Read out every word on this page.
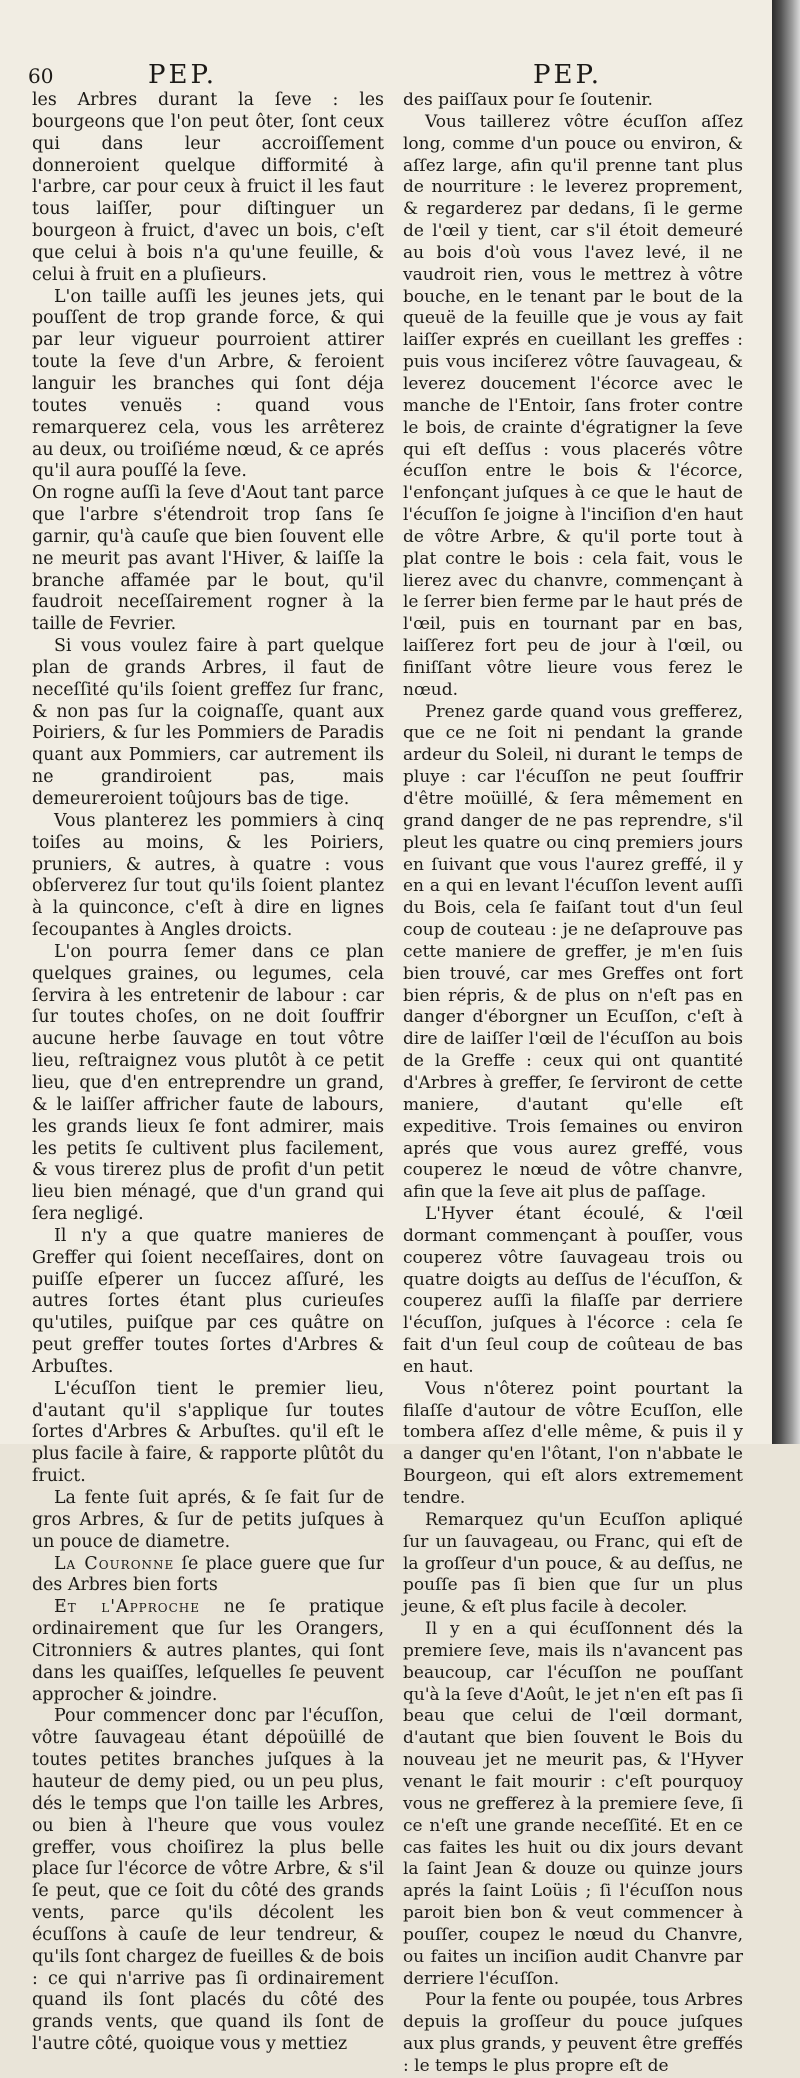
60	PEP.	PEP.

les Arbres durant la ſeve : les bourgeons que l'on peut ôter, ſont ceux qui dans leur accroiſſement donneroient quelque difformité à l'arbre, car pour ceux à fruict il les faut tous laiſſer, pour diſtinguer un bourgeon à fruict, d'avec un bois, c'eſt que celui à bois n'a qu'une feuille, & celui à fruit en a pluſieurs.

L'on taille auſſi les jeunes jets, qui pouſſent de trop grande force, & qui par leur vigueur pourroient attirer toute la ſeve d'un Arbre, & feroient languir les branches qui ſont déja toutes venuës : quand vous remarquerez cela, vous les arrêterez au deux, ou troiſiéme nœud, & ce aprés qu'il aura pouſſé la ſeve.

On rogne auſſi la ſeve d'Aout tant parce que l'arbre s'étendroit trop ſans ſe garnir, qu'à cauſe que bien ſouvent elle ne meurit pas avant l'Hiver, & laiſſe la branche affamée par le bout, qu'il faudroit neceſſairement rogner à la taille de Fevrier.

Si vous voulez faire à part quelque plan de grands Arbres, il faut de neceſſité qu'ils ſoient greffez ſur franc, & non pas ſur la coignaſſe, quant aux Poiriers, & ſur les Pommiers de Paradis quant aux Pommiers, car autrement ils ne grandiroient pas, mais demeureroient toûjours bas de tige.

Vous planterez les pommiers à cinq toiſes au moins, & les Poiriers, pruniers, & autres, à quatre : vous obſerverez ſur tout qu'ils ſoient plantez à la quinconce, c'eſt à dire en lignes ſecoupantes à Angles droicts.

L'on pourra ſemer dans ce plan quelques graines, ou legumes, cela ſervira à les entretenir de labour : car ſur toutes choſes, on ne doit ſouffrir aucune herbe ſauvage en tout vôtre lieu, reſtraignez vous plutôt à ce petit lieu, que d'en entreprendre un grand, & le laiſſer affricher faute de labours, les grands lieux ſe font admirer, mais les petits ſe cultivent plus facilement, & vous tirerez plus de profit d'un petit lieu bien ménagé, que d'un grand qui ſera negligé.

Il n'y a que quatre manieres de Greffer qui ſoient neceſſaires, dont on puiſſe eſperer un ſuccez aſſuré, les autres ſortes étant plus curieuſes qu'utiles, puiſque par ces quâtre on peut greffer toutes ſortes d'Arbres & Arbuſtes.

L'écuſſon tient le premier lieu, d'autant qu'il s'applique ſur toutes ſortes d'Arbres & Arbuſtes. qu'il eſt le plus facile à faire, & rapporte plûtôt du fruict.

La fente ſuit aprés, & ſe fait ſur de gros Arbres, & ſur de petits juſques à un pouce de diametre.

La Couronne ſe place guere que ſur des Arbres bien forts

Et l'Approche ne ſe pratique ordinairement que ſur les Orangers, Citronniers & autres plantes, qui ſont dans les quaiſſes, leſquelles ſe peuvent approcher & joindre.

Pour commencer donc par l'écuſſon, vôtre ſauvageau étant dépoüillé de toutes petites branches juſques à la hauteur de demy pied, ou un peu plus, dés le temps que l'on taille les Arbres, ou bien à l'heure que vous voulez greffer, vous choiſirez la plus belle place ſur l'écorce de vôtre Arbre, & s'il ſe peut, que ce ſoit du côté des grands vents, parce qu'ils décolent les écuſſons à cauſe de leur tendreur, & qu'ils ſont chargez de fueilles & de bois : ce qui n'arrive pas ſi ordinairement quand ils ſont placés du côté des grands vents, que quand ils ſont de l'autre côté, quoique vous y mettiez

des paiſſaux pour ſe ſoutenir.

Vous taillerez vôtre écuſſon aſſez long, comme d'un pouce ou environ, & aſſez large, afin qu'il prenne tant plus de nourriture : le leverez proprement, & regarderez par dedans, ſi le germe de l'œil y tient, car s'il étoit demeuré au bois d'où vous l'avez levé, il ne vaudroit rien, vous le mettrez à vôtre bouche, en le tenant par le bout de la queuë de la feuille que je vous ay fait laiſſer exprés en cueillant les greffes : puis vous inciſerez vôtre ſauvageau, & leverez doucement l'écorce avec le manche de l'Entoir, ſans froter contre le bois, de crainte d'égratigner la ſeve qui eſt deſſus : vous placerés vôtre écuſſon entre le bois & l'écorce, l'enfonçant juſques à ce que le haut de l'écuſſon ſe joigne à l'inciſion d'en haut de vôtre Arbre, & qu'il porte tout à plat contre le bois : cela fait, vous le lierez avec du chanvre, commençant à le ſerrer bien ferme par le haut prés de l'œil, puis en tournant par en bas, laiſſerez fort peu de jour à l'œil, ou finiſſant vôtre lieure vous ferez le nœud.

Prenez garde quand vous grefferez, que ce ne ſoit ni pendant la grande ardeur du Soleil, ni durant le temps de pluye : car l'écuſſon ne peut ſouffrir d'être moüillé, & ſera mêmement en grand danger de ne pas reprendre, s'il pleut les quatre ou cinq premiers jours en ſuivant que vous l'aurez greffé, il y en a qui en levant l'écuſſon levent auſſi du Bois, cela ſe faiſant tout d'un ſeul coup de couteau : je ne deſaprouve pas cette maniere de greffer, je m'en ſuis bien trouvé, car mes Greffes ont fort bien répris, & de plus on n'eſt pas en danger d'éborgner un Ecuſſon, c'eſt à dire de laiſſer l'œil de l'écuſſon au bois de la Greffe : ceux qui ont quantité d'Arbres à greffer, ſe ſerviront de cette maniere, d'autant qu'elle eſt expeditive. Trois ſemaines ou environ aprés que vous aurez greffé, vous couperez le nœud de vôtre chanvre, afin que la ſeve ait plus de paſſage.

L'Hyver étant écoulé, & l'œil dormant commençant à pouſſer, vous couperez vôtre ſauvageau trois ou quatre doigts au deſſus de l'écuſſon, & couperez auſſi la filaſſe par derriere l'écuſſon, juſques à l'écorce : cela ſe fait d'un ſeul coup de coûteau de bas en haut.

Vous n'ôterez point pourtant la filaſſe d'autour de vôtre Ecuſſon, elle tombera aſſez d'elle même, & puis il y a danger qu'en l'ôtant, l'on n'abbate le Bourgeon, qui eſt alors extremement tendre.

Remarquez qu'un Ecuſſon apliqué ſur un ſauvageau, ou Franc, qui eſt de la groſſeur d'un pouce, & au deſſus, ne pouſſe pas ſi bien que ſur un plus jeune, & eſt plus facile à decoler.

Il y en a qui écuſſonnent dés la premiere ſeve, mais ils n'avancent pas beaucoup, car l'écuſſon ne pouſſant qu'à la ſeve d'Août, le jet n'en eſt pas ſi beau que celui de l'œil dormant, d'autant que bien ſouvent le Bois du nouveau jet ne meurit pas, & l'Hyver venant le fait mourir : c'eſt pourquoy vous ne grefferez à la premiere ſeve, ſi ce n'eſt une grande neceſſité. Et en ce cas faites les huit ou dix jours devant la ſaint Jean & douze ou quinze jours aprés la ſaint Loüis ; ſi l'écuſſon nous paroit bien bon & veut commencer à pouſſer, coupez le nœud du Chanvre, ou faites un inciſion audit Chanvre par derriere l'écuſſon.

Pour la fente ou poupée, tous Arbres depuis la groſſeur du pouce juſques aux plus grands, y peuvent être greffés : le temps le plus propre eſt de
